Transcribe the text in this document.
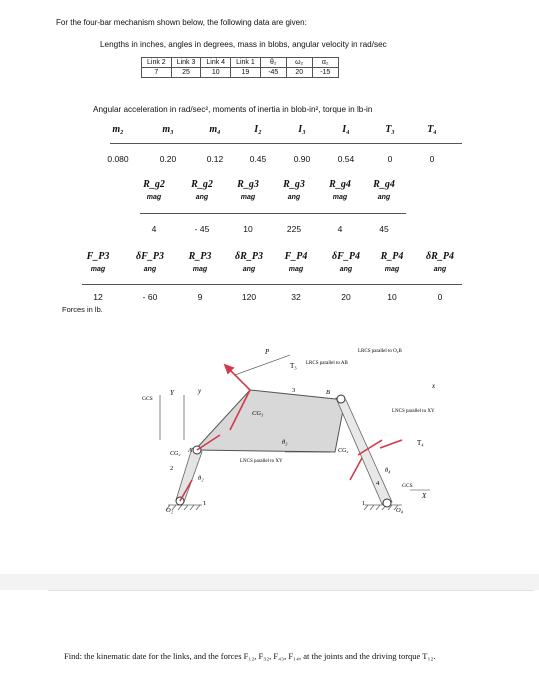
For the four-bar mechanism shown below, the following data are given:
Lengths in inches, angles in degrees, mass in blobs, angular velocity in rad/sec
Link 2	Link 3	Link 4	Link 1	θ₂	ω₂	α₂
7	25	10	19	-45	20	-15
Angular acceleration in rad/sec², moments of inertia in blob-in², torque in lb-in
m₂	m₃	m₄	I₂	I₃	I₄	T₃	T₄
0.080	0.20	0.12	0.45	0.90	0.54	0	0
R_g2	R_g2	R_g3	R_g3	R_g4	R_g4
mag	ang	mag	ang	mag	ang
4	- 45	10	225	4	45
F_P3	δF_P3	R_P3	δR_P3	F_P4	δF_P4	R_P4	δR_P4
mag	ang	mag	ang	mag	ang	mag	ang
12	- 60	9	120	32	20	10	0
Forces in lb.
P
T₃ LRCS parallel to AB
LRCS parallel to O₄B
LNCS parallel to XY
LNCS parallel to XY
GCS
GCS
CG₃
CG₄
CG₂ A
B
O₂	O₄
T₄
θ₂
θ₃
θ₄
1	1
2
3
4
x
y
X
Y
Find: the kinematic date for the links, and the forces F₁₂, F₃₂, F₄₃, F₁₄, at the joints and the driving torque T₁₂.
